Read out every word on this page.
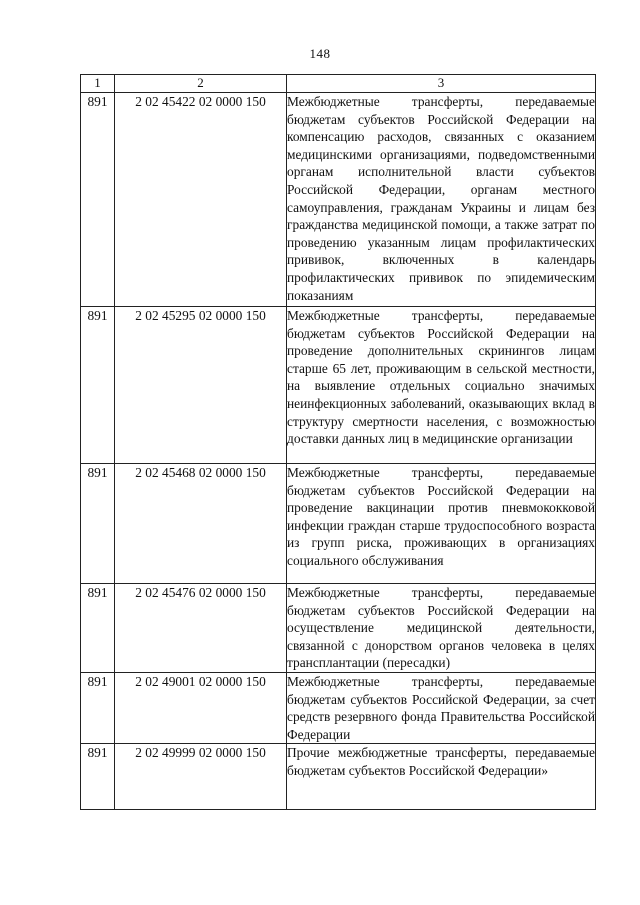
148
1	2	3
891	2 02 45422 02 0000 150	Межбюджетные трансферты, передаваемые бюджетам субъектов Российской Федерации на компенсацию расходов, связанных с оказанием медицинскими организациями, подведомственными органам исполнительной власти субъектов Российской Федерации, органам местного самоуправления, гражданам Украины и лицам без гражданства медицинской помощи, а также затрат по проведению указанным лицам профилактических прививок, включенных в календарь профилактических прививок по эпидемическим показаниям
891	2 02 45295 02 0000 150	Межбюджетные трансферты, передаваемые бюджетам субъектов Российской Федерации на проведение дополнительных скринингов лицам старше 65 лет, проживающим в сельской местности, на выявление отдельных социально значимых неинфекционных заболеваний, оказывающих вклад в структуру смертности населения, с возможностью доставки данных лиц в медицинские организации
891	2 02 45468 02 0000 150	Межбюджетные трансферты, передаваемые бюджетам субъектов Российской Федерации на проведение вакцинации против пневмококковой инфекции граждан старше трудоспособного возраста из групп риска, проживающих в организациях социального обслуживания
891	2 02 45476 02 0000 150	Межбюджетные трансферты, передаваемые бюджетам субъектов Российской Федерации на осуществление медицинской деятельности, связанной с донорством органов человека в целях трансплантации (пересадки)
891	2 02 49001 02 0000 150	Межбюджетные трансферты, передаваемые бюджетам субъектов Российской Федерации, за счет средств резервного фонда Правительства Российской Федерации
891	2 02 49999 02 0000 150	Прочие межбюджетные трансферты, передаваемые бюджетам субъектов Российской Федерации»
